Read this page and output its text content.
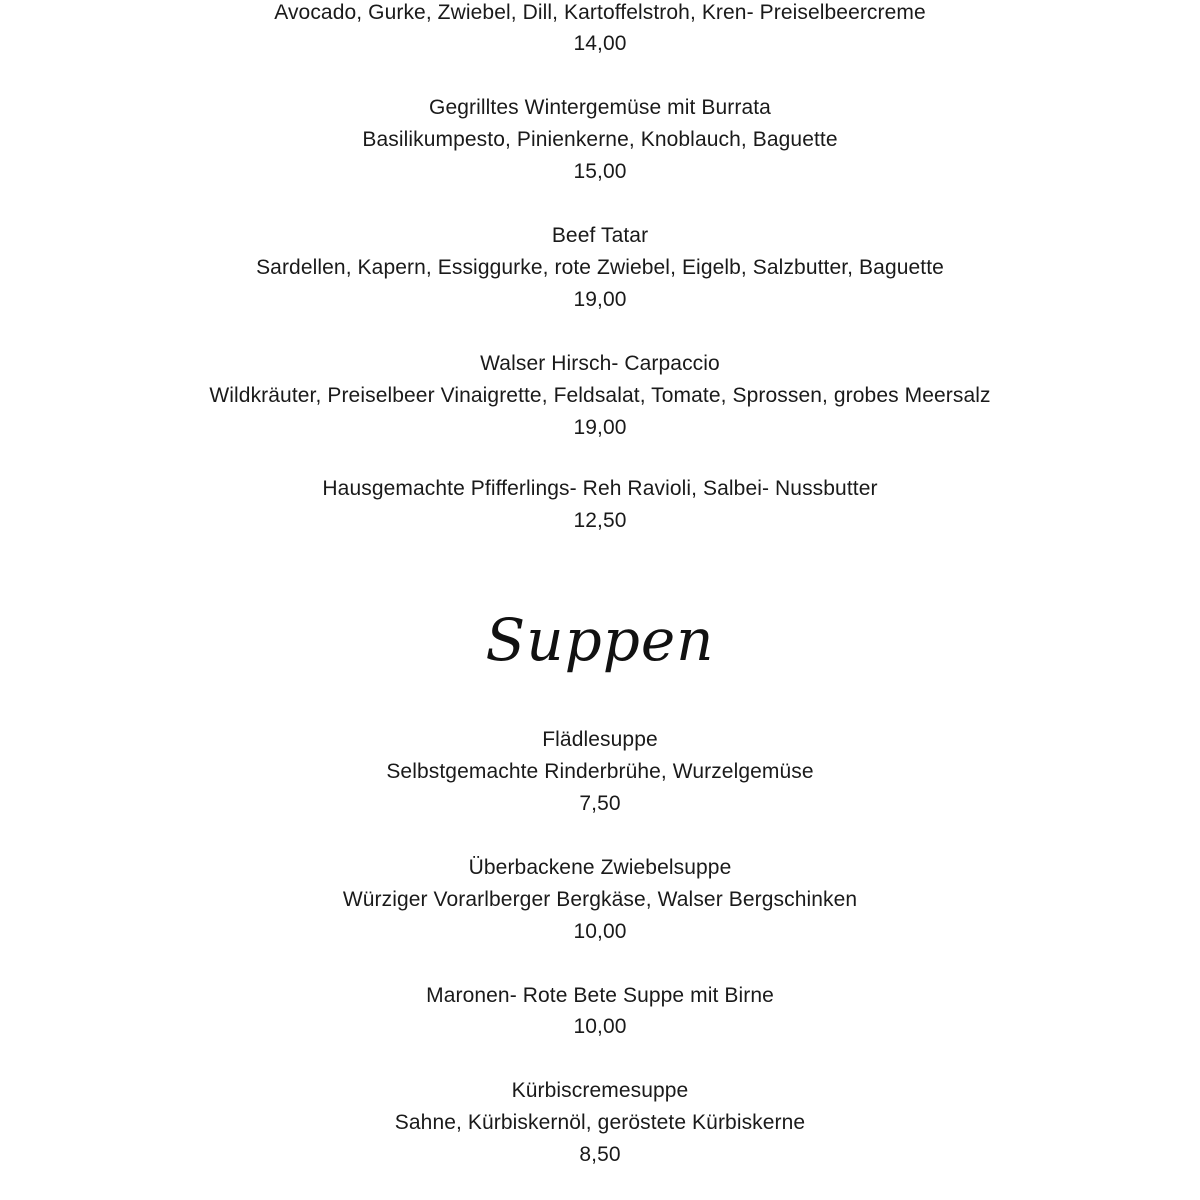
Avocado, Gurke, Zwiebel, Dill, Kartoffelstroh, Kren- Preiselbeercreme
14,00
Gegrilltes Wintergemüse mit Burrata
Basilikumpesto, Pinienkerne, Knoblauch, Baguette
15,00
Beef Tatar
Sardellen, Kapern, Essiggurke, rote Zwiebel, Eigelb, Salzbutter, Baguette
19,00
Walser Hirsch- Carpaccio
Wildkräuter, Preiselbeer Vinaigrette, Feldsalat, Tomate, Sprossen, grobes Meersalz
19,00
Hausgemachte Pfifferlings- Reh Ravioli, Salbei- Nussbutter
12,50
Suppen
Flädlesuppe
Selbstgemachte Rinderbrühe, Wurzelgemüse
7,50
Überbackene Zwiebelsuppe
Würziger Vorarlberger Bergkäse, Walser Bergschinken
10,00
Maronen- Rote Bete Suppe mit Birne
10,00
Kürbiscremesuppe
Sahne, Kürbiskernöl, geröstete Kürbiskerne
8,50
